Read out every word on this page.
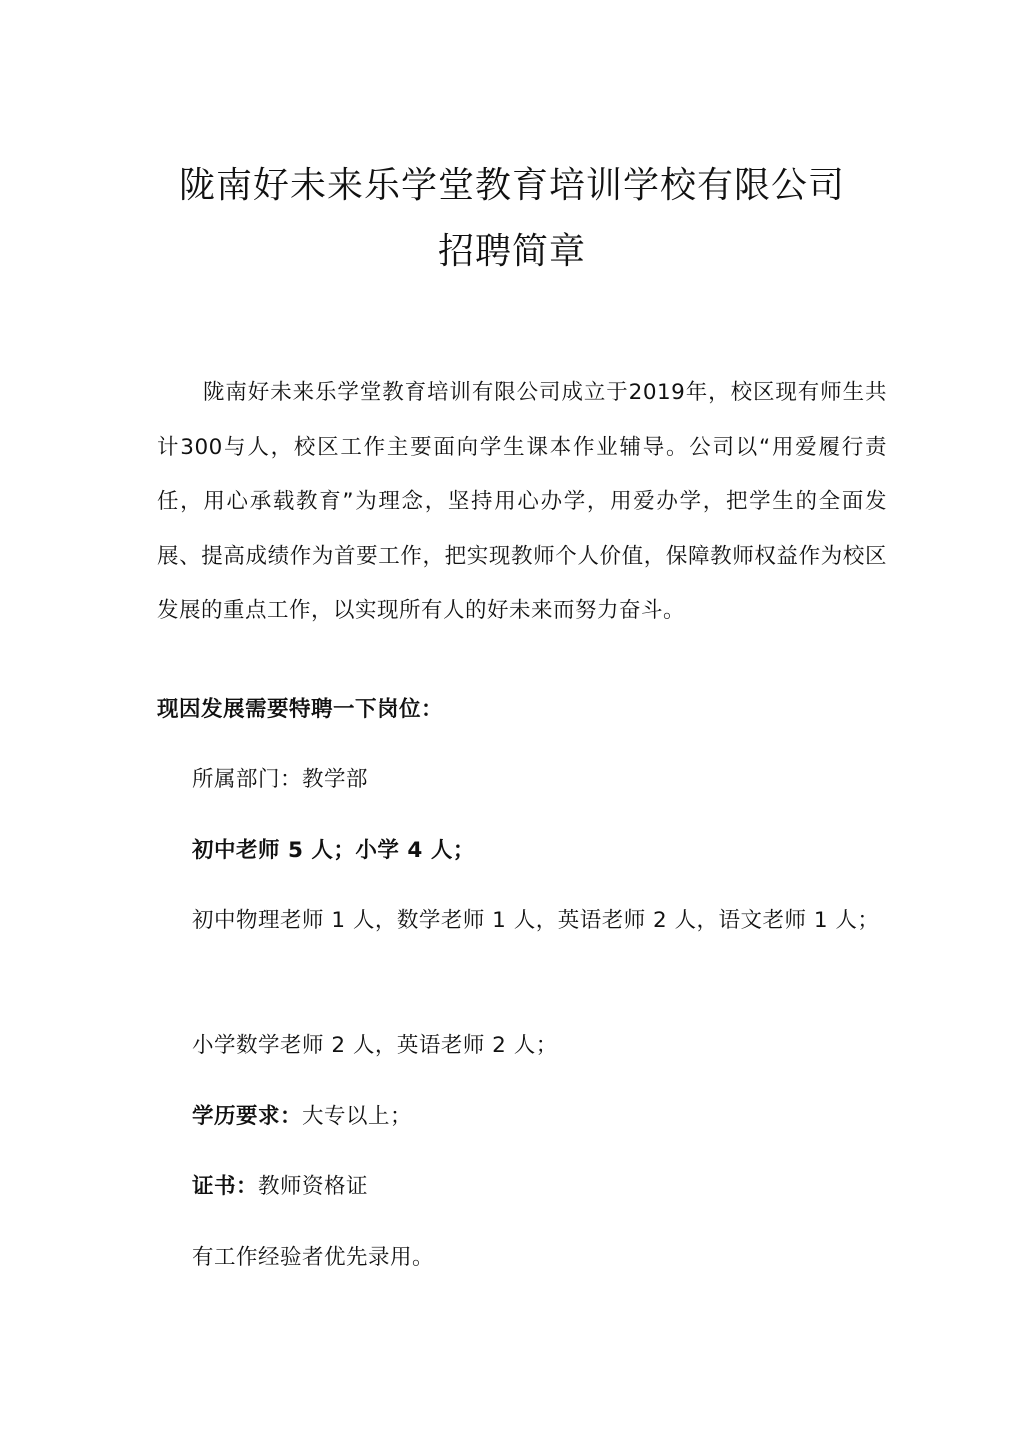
陇南好未来乐学堂教育培训学校有限公司
招聘简章

陇南好未来乐学堂教育培训有限公司成立于2019年，校区现有师生共计300与人，校区工作主要面向学生课本作业辅导。公司以“用爱履行责任，用心承载教育”为理念，坚持用心办学，用爱办学，把学生的全面发展、提高成绩作为首要工作，把实现教师个人价值，保障教师权益作为校区发展的重点工作，以实现所有人的好未来而努力奋斗。

现因发展需要特聘一下岗位：

所属部门：教学部

初中老师 5 人；小学 4 人；

初中物理老师 1 人，数学老师 1 人，英语老师 2 人，语文老师 1 人；

小学数学老师 2 人，英语老师 2 人；

学历要求：大专以上；

证书：教师资格证

有工作经验者优先录用。
